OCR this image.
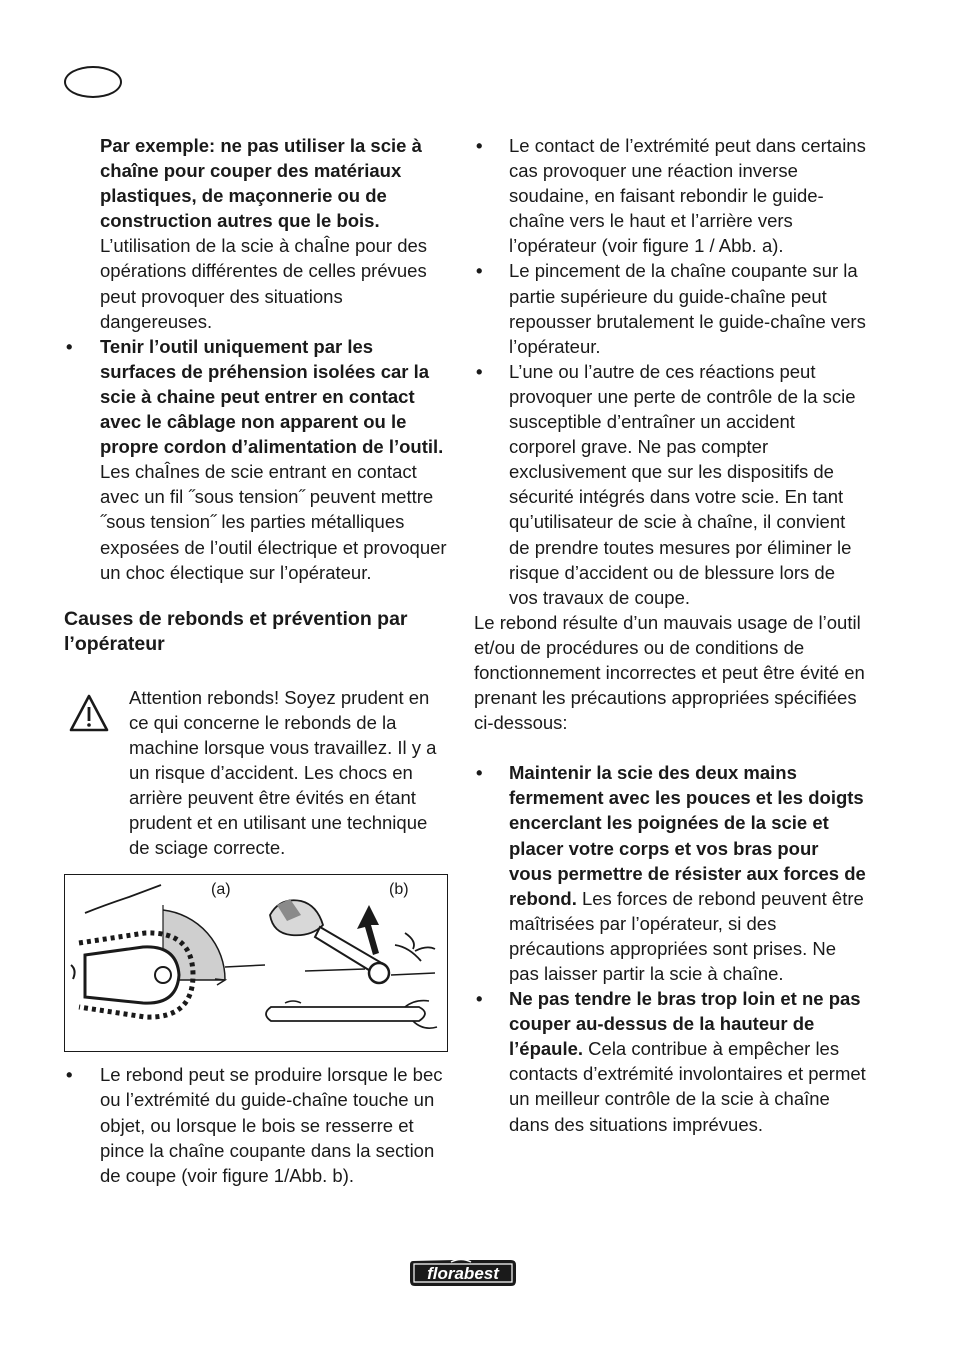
Par exemple: ne pas utiliser la scie à chaîne pour couper des matériaux plastiques, de maçonnerie ou de construction autres que le bois. L’utilisation de la scie à chaÎne pour des opérations différentes de celles prévues peut provoquer des situations dangereuses.
• Tenir l’outil uniquement par les surfaces de préhension isolées car la scie à chaine peut entrer en contact avec le câblage non apparent ou le propre cordon d’alimentation de l’outil. Les chaÎnes de scie entrant en contact avec un fil ˝sous tension˝ peuvent mettre ˝sous tension˝ les parties métalliques exposées de l’outil électrique et provoquer un choc électique sur l’opérateur.
Causes de rebonds et prévention par l’opérateur
Attention rebonds! Soyez prudent en ce qui concerne le rebonds de la machine lorsque vous travaillez. Il y a un risque d’accident. Les chocs en arrière peuvent être évités en étant prudent et en utilisant une technique de sciage correcte.
(a)	(b)
• Le rebond peut se produire lorsque le bec ou l’extrémité du guide-chaîne touche un objet, ou lorsque le bois se resserre et pince la chaîne coupante dans la section de coupe (voir figure 1/Abb. b).
• Le contact de l’extrémité peut dans certains cas provoquer une réaction inverse soudaine, en faisant rebondir le guide-chaîne vers le haut et l’arrière vers l’opérateur (voir figure 1 / Abb. a).
• Le pincement de la chaîne coupante sur la partie supérieure du guide-chaîne peut repousser brutalement le guide-chaîne vers l’opérateur.
• L’une ou l’autre de ces réactions peut provoquer une perte de contrôle de la scie susceptible d’entraîner un accident corporel grave. Ne pas compter exclusivement que sur les dispositifs de sécurité intégrés dans votre scie. En tant qu’utilisateur de scie à chaîne, il convient de prendre toutes mesures por éliminer le risque d’accident ou de blessure lors de vos travaux de coupe.

Le rebond résulte d’un mauvais usage de l’outil et/ou de procédures ou de conditions de fonctionnement incorrectes et peut être évité en prenant les précautions appropriées spécifiées ci-dessous:

• Maintenir la scie des deux mains fermement avec les pouces et les doigts encerclant les poignées de la scie et placer votre corps et vos bras pour vous permettre de résister aux forces de rebond. Les forces de rebond peuvent être maîtrisées par l’opérateur, si des précautions appropriées sont prises. Ne pas laisser partir la scie à chaîne.
• Ne pas tendre le bras trop loin et ne pas couper au-dessus de la hauteur de l’épaule. Cela contribue à empêcher les contacts d’extrémité involontaires et permet un meilleur contrôle de la scie à chaîne dans des situations imprévues.
florabest
